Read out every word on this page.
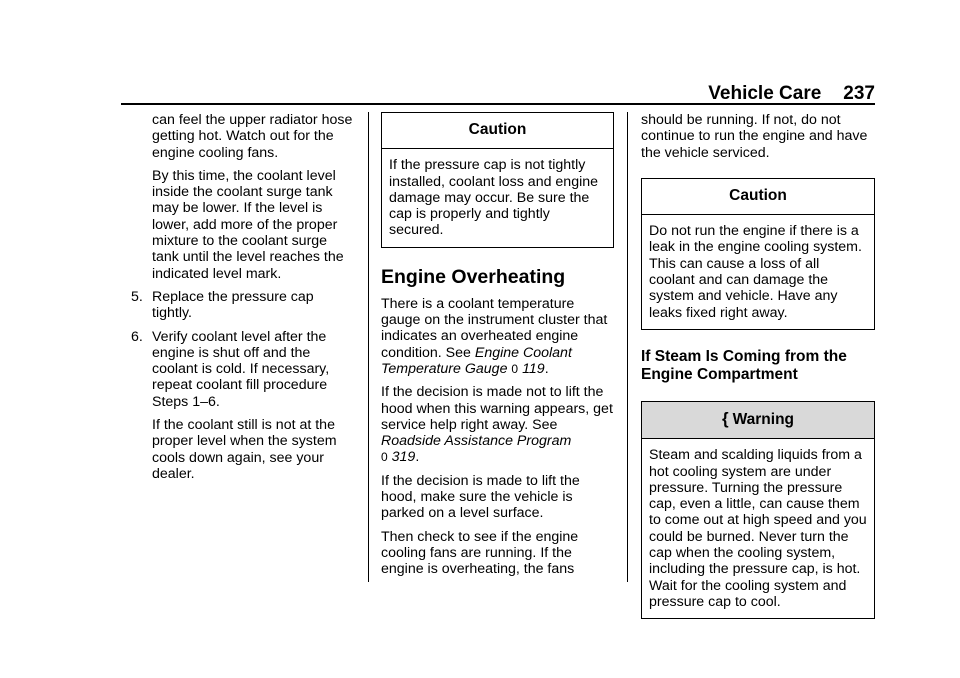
Vehicle Care 237

can feel the upper radiator hose getting hot. Watch out for the engine cooling fans.

By this time, the coolant level inside the coolant surge tank may be lower. If the level is lower, add more of the proper mixture to the coolant surge tank until the level reaches the indicated level mark.

5. Replace the pressure cap tightly.
6. Verify coolant level after the engine is shut off and the coolant is cold. If necessary, repeat coolant fill procedure Steps 1–6.

If the coolant still is not at the proper level when the system cools down again, see your dealer.

Caution
If the pressure cap is not tightly installed, coolant loss and engine damage may occur. Be sure the cap is properly and tightly secured.
Engine Overheating

There is a coolant temperature gauge on the instrument cluster that indicates an overheated engine condition. See Engine Coolant Temperature Gauge 0 119.

If the decision is made not to lift the hood when this warning appears, get service help right away. See Roadside Assistance Program
0 319.

If the decision is made to lift the hood, make sure the vehicle is parked on a level surface.

Then check to see if the engine cooling fans are running. If the engine is overheating, the fans

should be running. If not, do not continue to run the engine and have the vehicle serviced.

Caution
Do not run the engine if there is a leak in the engine cooling system. This can cause a loss of all coolant and can damage the system and vehicle. Have any leaks fixed right away.
If Steam Is Coming from the Engine Compartment
{ Warning
Steam and scalding liquids from a hot cooling system are under pressure. Turning the pressure cap, even a little, can cause them to come out at high speed and you could be burned. Never turn the cap when the cooling system, including the pressure cap, is hot. Wait for the cooling system and pressure cap to cool.
